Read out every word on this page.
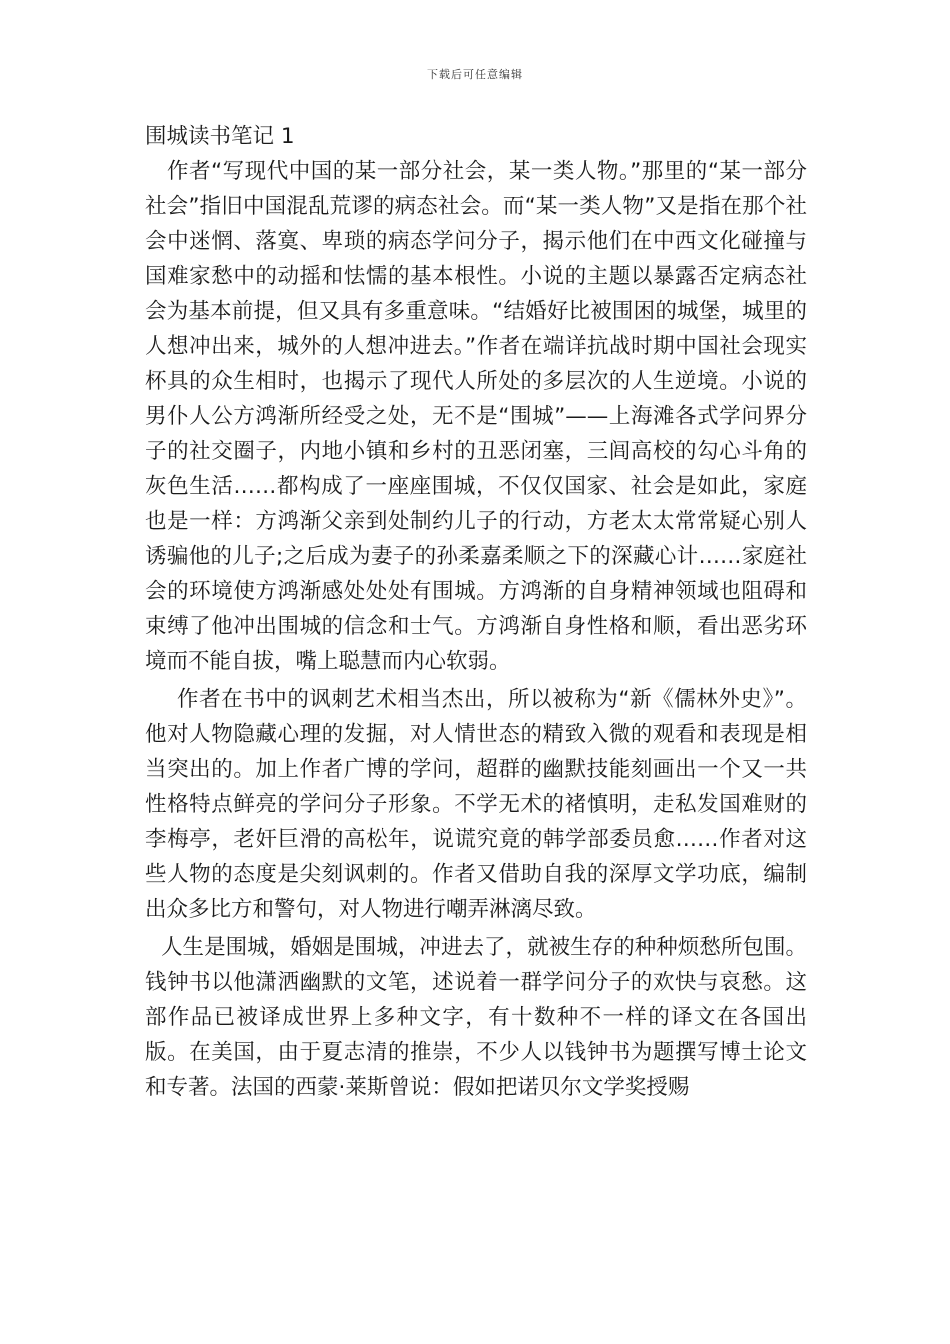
下载后可任意编辑
围城读书笔记 1

作者“写现代中国的某一部分社会，某一类人物。”那里的“某一部分社会”指旧中国混乱荒谬的病态社会。而“某一类人物”又是指在那个社会中迷惘、落寞、卑琐的病态学问分子，揭示他们在中西文化碰撞与国难家愁中的动摇和怯懦的基本根性。小说的主题以暴露否定病态社会为基本前提，但又具有多重意味。“结婚好比被围困的城堡，城里的人想冲出来，城外的人想冲进去。”作者在端详抗战时期中国社会现实杯具的众生相时，也揭示了现代人所处的多层次的人生逆境。小说的男仆人公方鸿渐所经受之处，无不是“围城”——上海滩各式学问界分子的社交圈子，内地小镇和乡村的丑恶闭塞，三闾高校的勾心斗角的灰色生活……都构成了一座座围城，不仅仅国家、社会是如此，家庭也是一样：方鸿渐父亲到处制约儿子的行动，方老太太常常疑心别人诱骗他的儿子;之后成为妻子的孙柔嘉柔顺之下的深藏心计……家庭社会的环境使方鸿渐感处处处有围城。方鸿渐的自身精神领域也阻碍和束缚了他冲出围城的信念和士气。方鸿渐自身性格和顺，看出恶劣环境而不能自拔，嘴上聪慧而内心软弱。

作者在书中的讽刺艺术相当杰出，所以被称为“新《儒林外史》”。他对人物隐藏心理的发掘，对人情世态的精致入微的观看和表现是相当突出的。加上作者广博的学问，超群的幽默技能刻画出一个又一共性格特点鲜亮的学问分子形象。不学无术的褚慎明，走私发国难财的李梅亭，老奸巨滑的高松年，说谎究竟的韩学部委员愈……作者对这些人物的态度是尖刻讽刺的。作者又借助自我的深厚文学功底，编制出众多比方和警句，对人物进行嘲弄淋漓尽致。

人生是围城，婚姻是围城，冲进去了，就被生存的种种烦愁所包围。钱钟书以他潇洒幽默的文笔，述说着一群学问分子的欢快与哀愁。这部作品已被译成世界上多种文字，有十数种不一样的译文在各国出版。在美国，由于夏志清的推崇，不少人以钱钟书为题撰写博士论文和专著。法国的西蒙·莱斯曾说：假如把诺贝尔文学奖授赐
